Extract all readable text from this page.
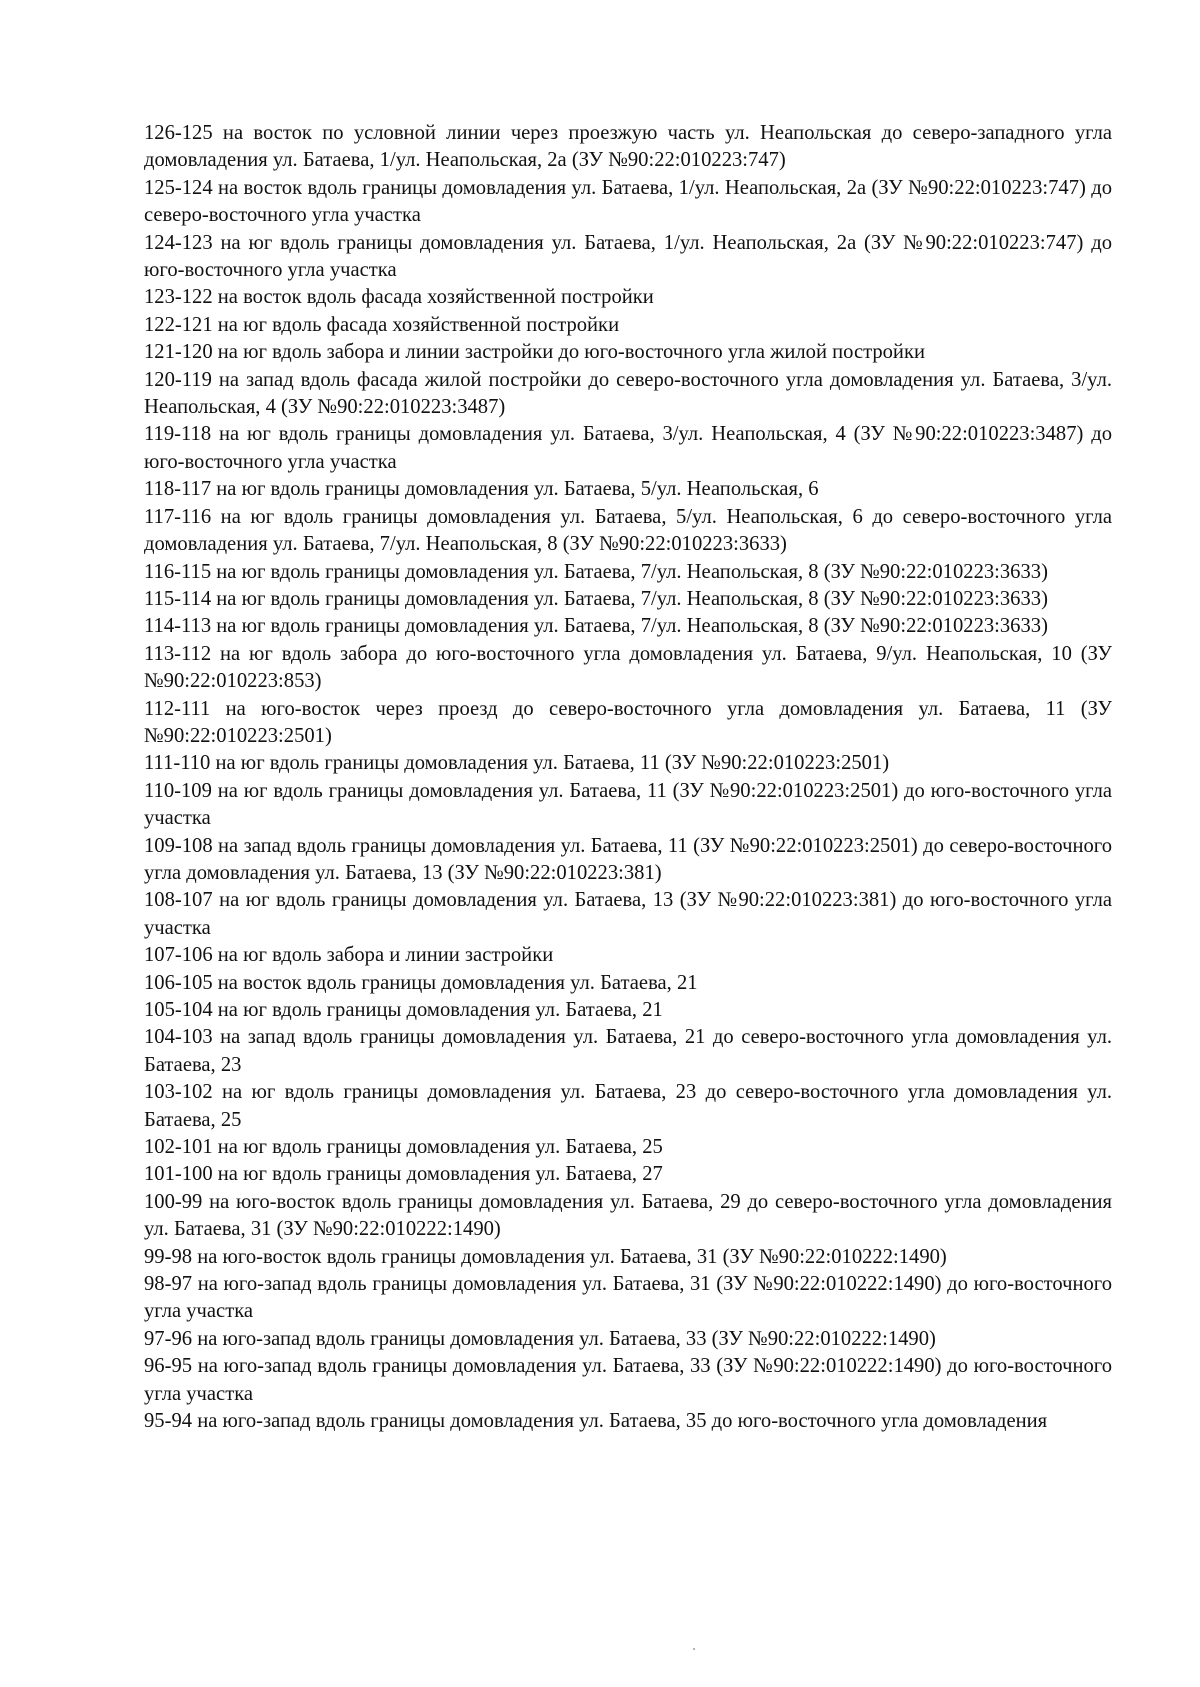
126-125 на восток по условной линии через проезжую часть ул. Неапольская до северо-западного угла домовладения ул. Батаева, 1/ул. Неапольская, 2а (ЗУ №90:22:010223:747)

125-124 на восток вдоль границы домовладения ул. Батаева, 1/ул. Неапольская, 2а (ЗУ №90:22:010223:747) до северо-восточного угла участка

124-123 на юг вдоль границы домовладения ул. Батаева, 1/ул. Неапольская, 2а (ЗУ №90:22:010223:747) до юго-восточного угла участка

123-122 на восток вдоль фасада хозяйственной постройки

122-121 на юг вдоль фасада хозяйственной постройки

121-120 на юг вдоль забора и линии застройки до юго-восточного угла жилой постройки

120-119 на запад вдоль фасада жилой постройки до северо-восточного угла домовладения ул. Батаева, 3/ул. Неапольская, 4 (ЗУ №90:22:010223:3487)

119-118 на юг вдоль границы домовладения ул. Батаева, 3/ул. Неапольская, 4 (ЗУ №90:22:010223:3487) до юго-восточного угла участка

118-117 на юг вдоль границы домовладения ул. Батаева, 5/ул. Неапольская, 6

117-116 на юг вдоль границы домовладения ул. Батаева, 5/ул. Неапольская, 6 до северо-восточного угла домовладения ул. Батаева, 7/ул. Неапольская, 8 (ЗУ №90:22:010223:3633)

116-115 на юг вдоль границы домовладения ул. Батаева, 7/ул. Неапольская, 8 (ЗУ №90:22:010223:3633)

115-114 на юг вдоль границы домовладения ул. Батаева, 7/ул. Неапольская, 8 (ЗУ №90:22:010223:3633)

114-113 на юг вдоль границы домовладения ул. Батаева, 7/ул. Неапольская, 8 (ЗУ №90:22:010223:3633)

113-112 на юг вдоль забора до юго-восточного угла домовладения ул. Батаева, 9/ул. Неапольская, 10 (ЗУ №90:22:010223:853)

112-111 на юго-восток через проезд до северо-восточного угла домовладения ул. Батаева, 11 (ЗУ №90:22:010223:2501)

111-110 на юг вдоль границы домовладения ул. Батаева, 11 (ЗУ №90:22:010223:2501)

110-109 на юг вдоль границы домовладения ул. Батаева, 11 (ЗУ №90:22:010223:2501) до юго-восточного угла участка

109-108 на запад вдоль границы домовладения ул. Батаева, 11 (ЗУ №90:22:010223:2501) до северо-восточного угла домовладения ул. Батаева, 13 (ЗУ №90:22:010223:381)

108-107 на юг вдоль границы домовладения ул. Батаева, 13 (ЗУ №90:22:010223:381) до юго-восточного угла участка

107-106 на юг вдоль забора и линии застройки

106-105 на восток вдоль границы домовладения ул. Батаева, 21

105-104 на юг вдоль границы домовладения ул. Батаева, 21

104-103 на запад вдоль границы домовладения ул. Батаева, 21 до северо-восточного угла домовладения ул. Батаева, 23

103-102 на юг вдоль границы домовладения ул. Батаева, 23 до северо-восточного угла домовладения ул. Батаева, 25

102-101 на юг вдоль границы домовладения ул. Батаева, 25

101-100 на юг вдоль границы домовладения ул. Батаева, 27

100-99 на юго-восток вдоль границы домовладения ул. Батаева, 29 до северо-восточного угла домовладения ул. Батаева, 31 (ЗУ №90:22:010222:1490)

99-98 на юго-восток вдоль границы домовладения ул. Батаева, 31 (ЗУ №90:22:010222:1490)

98-97 на юго-запад вдоль границы домовладения ул. Батаева, 31 (ЗУ №90:22:010222:1490) до юго-восточного угла участка

97-96 на юго-запад вдоль границы домовладения ул. Батаева, 33 (ЗУ №90:22:010222:1490)

96-95 на юго-запад вдоль границы домовладения ул. Батаева, 33 (ЗУ №90:22:010222:1490) до юго-восточного угла участка

95-94 на юго-запад вдоль границы домовладения ул. Батаева, 35 до юго-восточного угла домовладения
